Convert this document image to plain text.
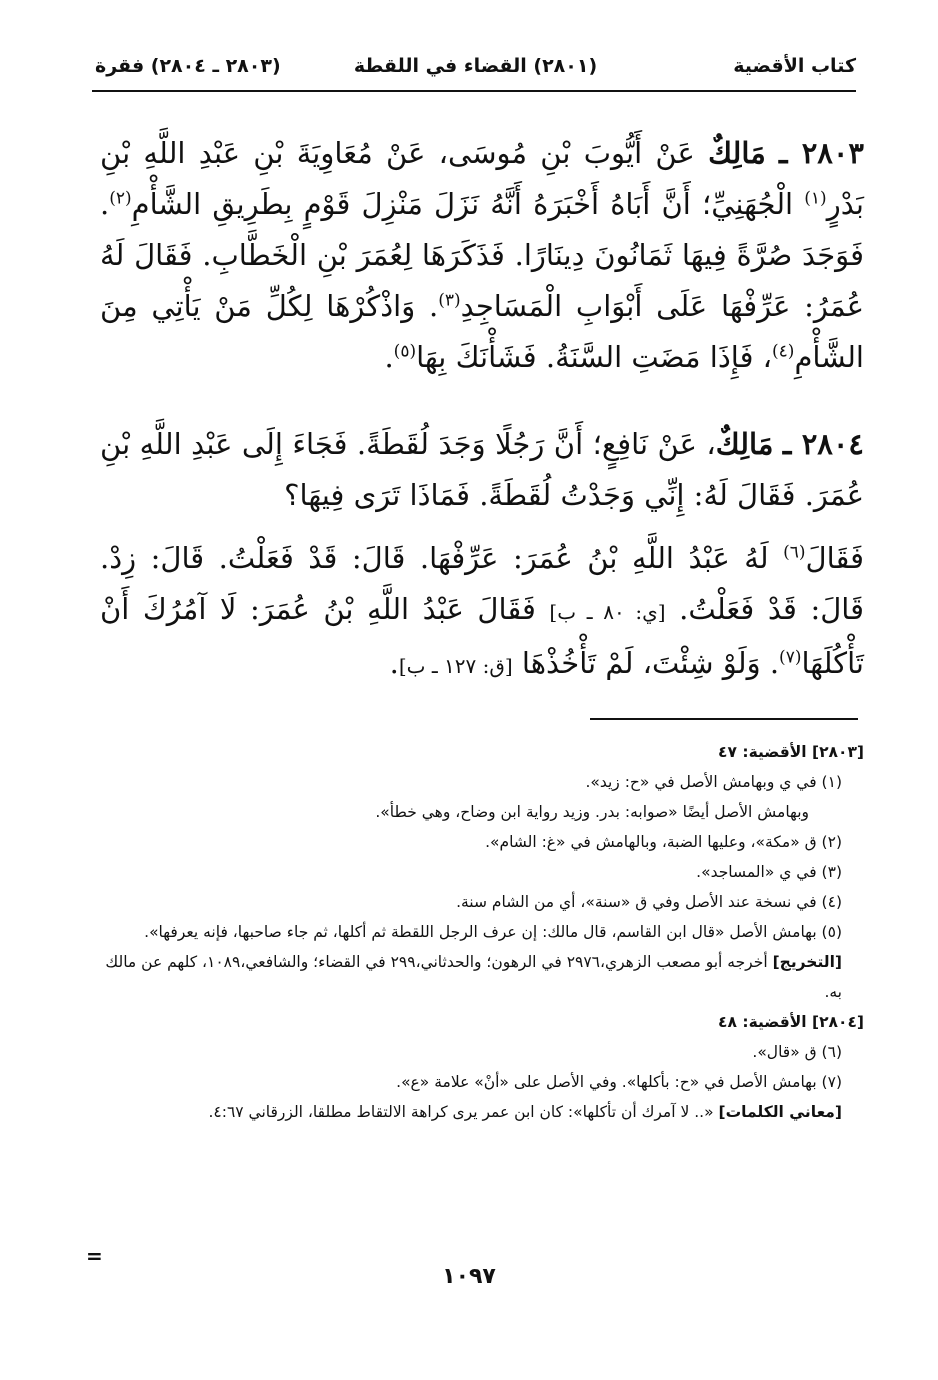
كتاب الأقضية
(٢٨٠١) القضاء في اللقطة
(٢٨٠٣ ـ ٢٨٠٤) فقرة

٢٨٠٣ ـ مَالِكٌ عَنْ أَيُّوبَ بْنِ مُوسَى، عَنْ مُعَاوِيَةَ بْنِ عَبْدِ اللَّهِ بْنِ بَدْرٍ$^{(١)}$ الْجُهَنِيِّ؛ أَنَّ أَبَاهُ أَخْبَرَهُ أَنَّهُ نَزَلَ مَنْزِلَ قَوْمٍ بِطَرِيقِ الشَّأْمِ$^{(٢)}$. فَوَجَدَ صُرَّةً فِيهَا ثَمَانُونَ دِينَارًا. فَذَكَرَهَا لِعُمَرَ بْنِ الْخَطَّابِ. فَقَالَ لَهُ عُمَرُ: عَرِّفْهَا عَلَى أَبْوَابِ الْمَسَاجِدِ$^{(٣)}$. وَاذْكُرْهَا لِكُلِّ مَنْ يَأْتِي مِنَ الشَّأْمِ$^{(٤)}$، فَإِذَا مَضَتِ السَّنَةُ. فَشَأْنَكَ بِهَا$^{(٥)}$.

٢٨٠٤ ـ مَالِكٌ، عَنْ نَافِعٍ؛ أَنَّ رَجُلًا وَجَدَ لُقَطَةً. فَجَاءَ إِلَى عَبْدِ اللَّهِ بْنِ عُمَرَ. فَقَالَ لَهُ: إِنِّي وَجَدْتُ لُقَطَةً. فَمَاذَا تَرَى فِيهَا؟

فَقَالَ$^{(٦)}$ لَهُ عَبْدُ اللَّهِ بْنُ عُمَرَ: عَرِّفْهَا. قَالَ: قَدْ فَعَلْتُ. قَالَ: زِدْ. قَالَ: قَدْ فَعَلْتُ. [ي: ٨٠ ـ ب] فَقَالَ عَبْدُ اللَّهِ بْنُ عُمَرَ: لَا آمُرُكَ أَنْ تَأْكُلَهَا$^{(٧)}$. وَلَوْ شِئْتَ، لَمْ تَأْخُذْهَا [ق: ١٢٧ ـ ب].

[٢٨٠٣] الأقضية: ٤٧

(١) في ي وبهامش الأصل في «ح: زيد».

وبهامش الأصل أيضًا «صوابه: بدر. وزيد رواية ابن وضاح، وهي خطأ».

(٢) ق «مكة»، وعليها الضبة، وبالهامش في «غ: الشام».

(٣) في ي «المساجد».

(٤) في نسخة عند الأصل وفي ق «سنة»، أي من الشام سنة.

(٥) بهامش الأصل «قال ابن القاسم، قال مالك: إن عرف الرجل اللقطة ثم أكلها، ثم جاء صاحبها، فإنه يعرفها».

[التخريج] أخرجه أبو مصعب الزهري،٢٩٧٦ في الرهون؛ والحدثاني،٢٩٩ في القضاء؛ والشافعي،١٠٨٩، كلهم عن مالك به.

[٢٨٠٤] الأقضية: ٤٨

(٦) ق «قال».

(٧) بهامش الأصل في «ح: بأكلها». وفي الأصل على «أنْ» علامة «ع».

[معاني الكلمات] «.. لا آمرك أن تأكلها»: كان ابن عمر يرى كراهة الالتقاط مطلقا، الزرقاني ٤:٦٧.

=
١٠٩٧
